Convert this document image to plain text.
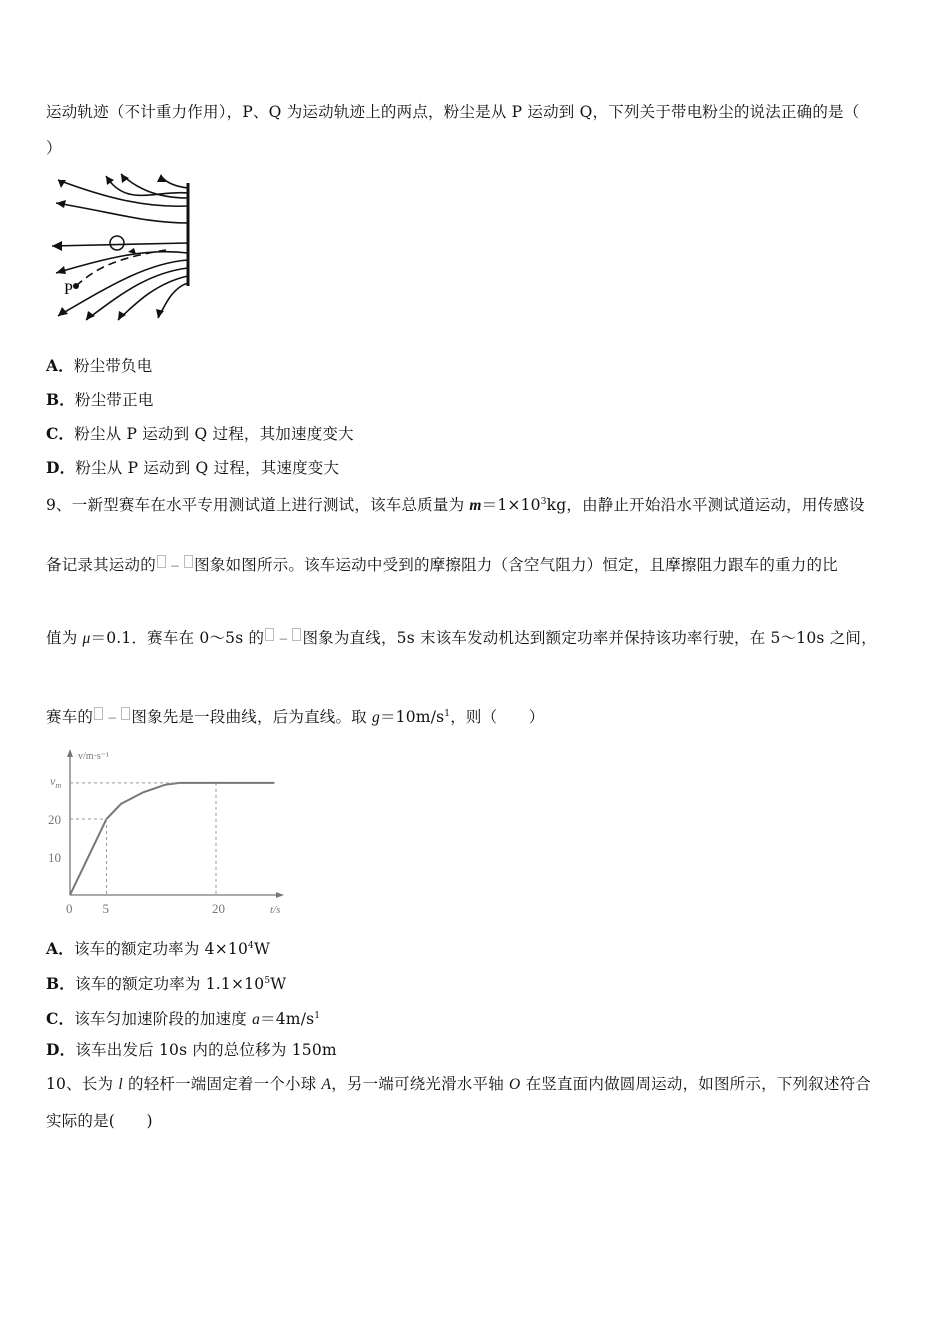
运动轨迹（不计重力作用），P、Q 为运动轨迹上的两点，粉尘是从 P 运动到 Q，下列关于带电粉尘的说法正确的是（
）
P
A．粉尘带负电
B．粉尘带正电
C．粉尘从 P 运动到 Q 过程，其加速度变大
D．粉尘从 P 运动到 Q 过程，其速度变大
9、一新型赛车在水平专用测试道上进行测试，该车总质量为 $m=1\times 10^3kg$，由静止开始沿水平测试道运动，用传感设
备记录其运动的 − 图象如图所示。该车运动中受到的摩擦阻力（含空气阻力）恒定，且摩擦阻力跟车的重力的比
值为 μ＝0.1．赛车在 0～5s 的 − 图象为直线，5s 末该车发动机达到额定功率并保持该功率行驶，在 5～10s 之间，
赛车的 − 图象先是一段曲线，后为直线。取 $g=10m/s^1$，则（　　）
0 5	20
10
20
$v_m$
v/m·s⁻¹
t/s
A．该车的额定功率为 $4\times 10^4W$
B．该车的额定功率为 $1.1\times 10^5W$
C．该车匀加速阶段的加速度 $a=4m/s^1$
D．该车出发后 10s 内的总位移为 150m
10、长为 l 的轻杆一端固定着一个小球 A，另一端可绕光滑水平轴 O 在竖直面内做圆周运动，如图所示，下列叙述符合
实际的是(　　)
